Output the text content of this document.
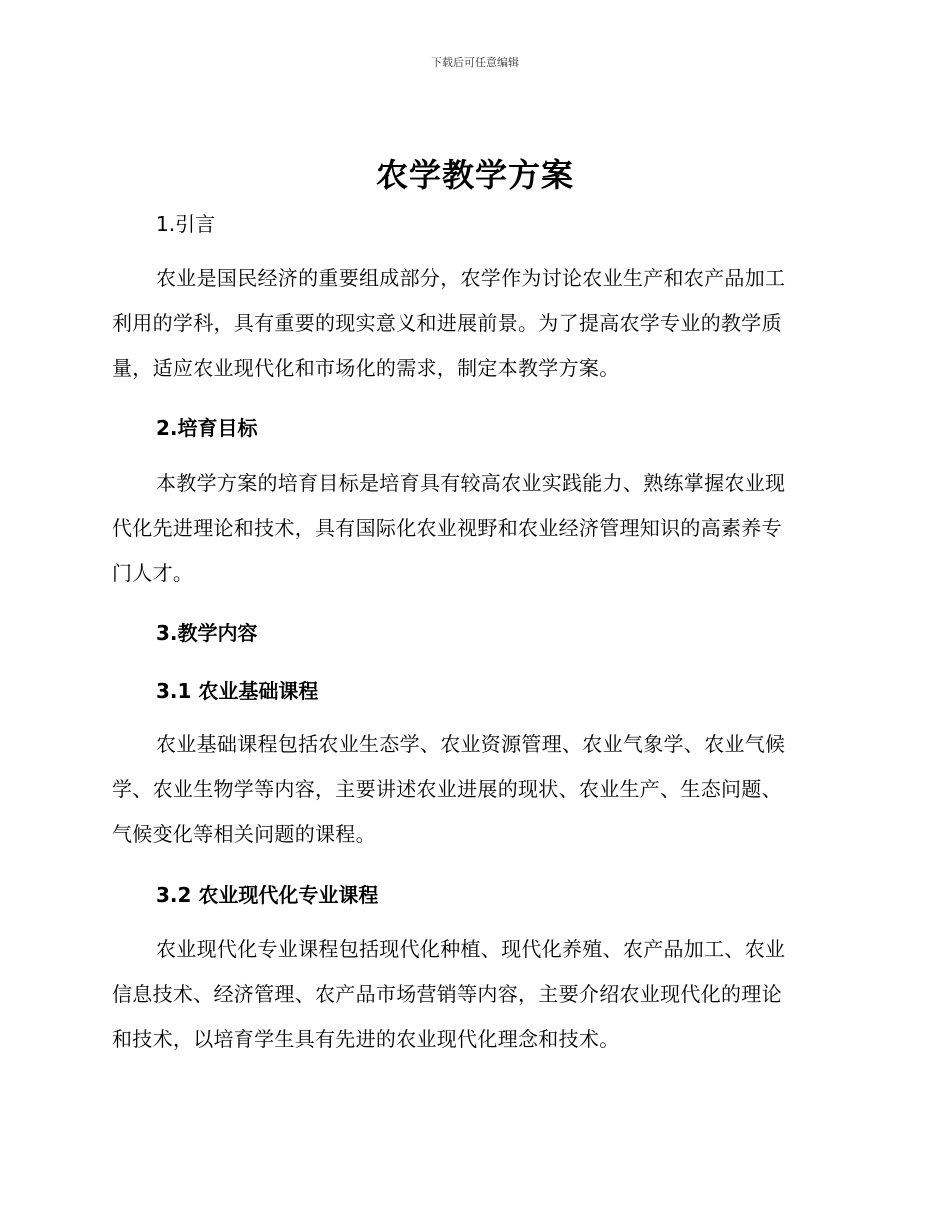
下载后可任意编辑
农学教学方案
1.引言
农业是国民经济的重要组成部分，农学作为讨论农业生产和农产品加工
利用的学科，具有重要的现实意义和进展前景。为了提高农学专业的教学质
量，适应农业现代化和市场化的需求，制定本教学方案。
2.培育目标
本教学方案的培育目标是培育具有较高农业实践能力、熟练掌握农业现
代化先进理论和技术，具有国际化农业视野和农业经济管理知识的高素养专
门人才。
3.教学内容
3.1 农业基础课程
农业基础课程包括农业生态学、农业资源管理、农业气象学、农业气候
学、农业生物学等内容，主要讲述农业进展的现状、农业生产、生态问题、
气候变化等相关问题的课程。
3.2 农业现代化专业课程
农业现代化专业课程包括现代化种植、现代化养殖、农产品加工、农业
信息技术、经济管理、农产品市场营销等内容，主要介绍农业现代化的理论
和技术，以培育学生具有先进的农业现代化理念和技术。
